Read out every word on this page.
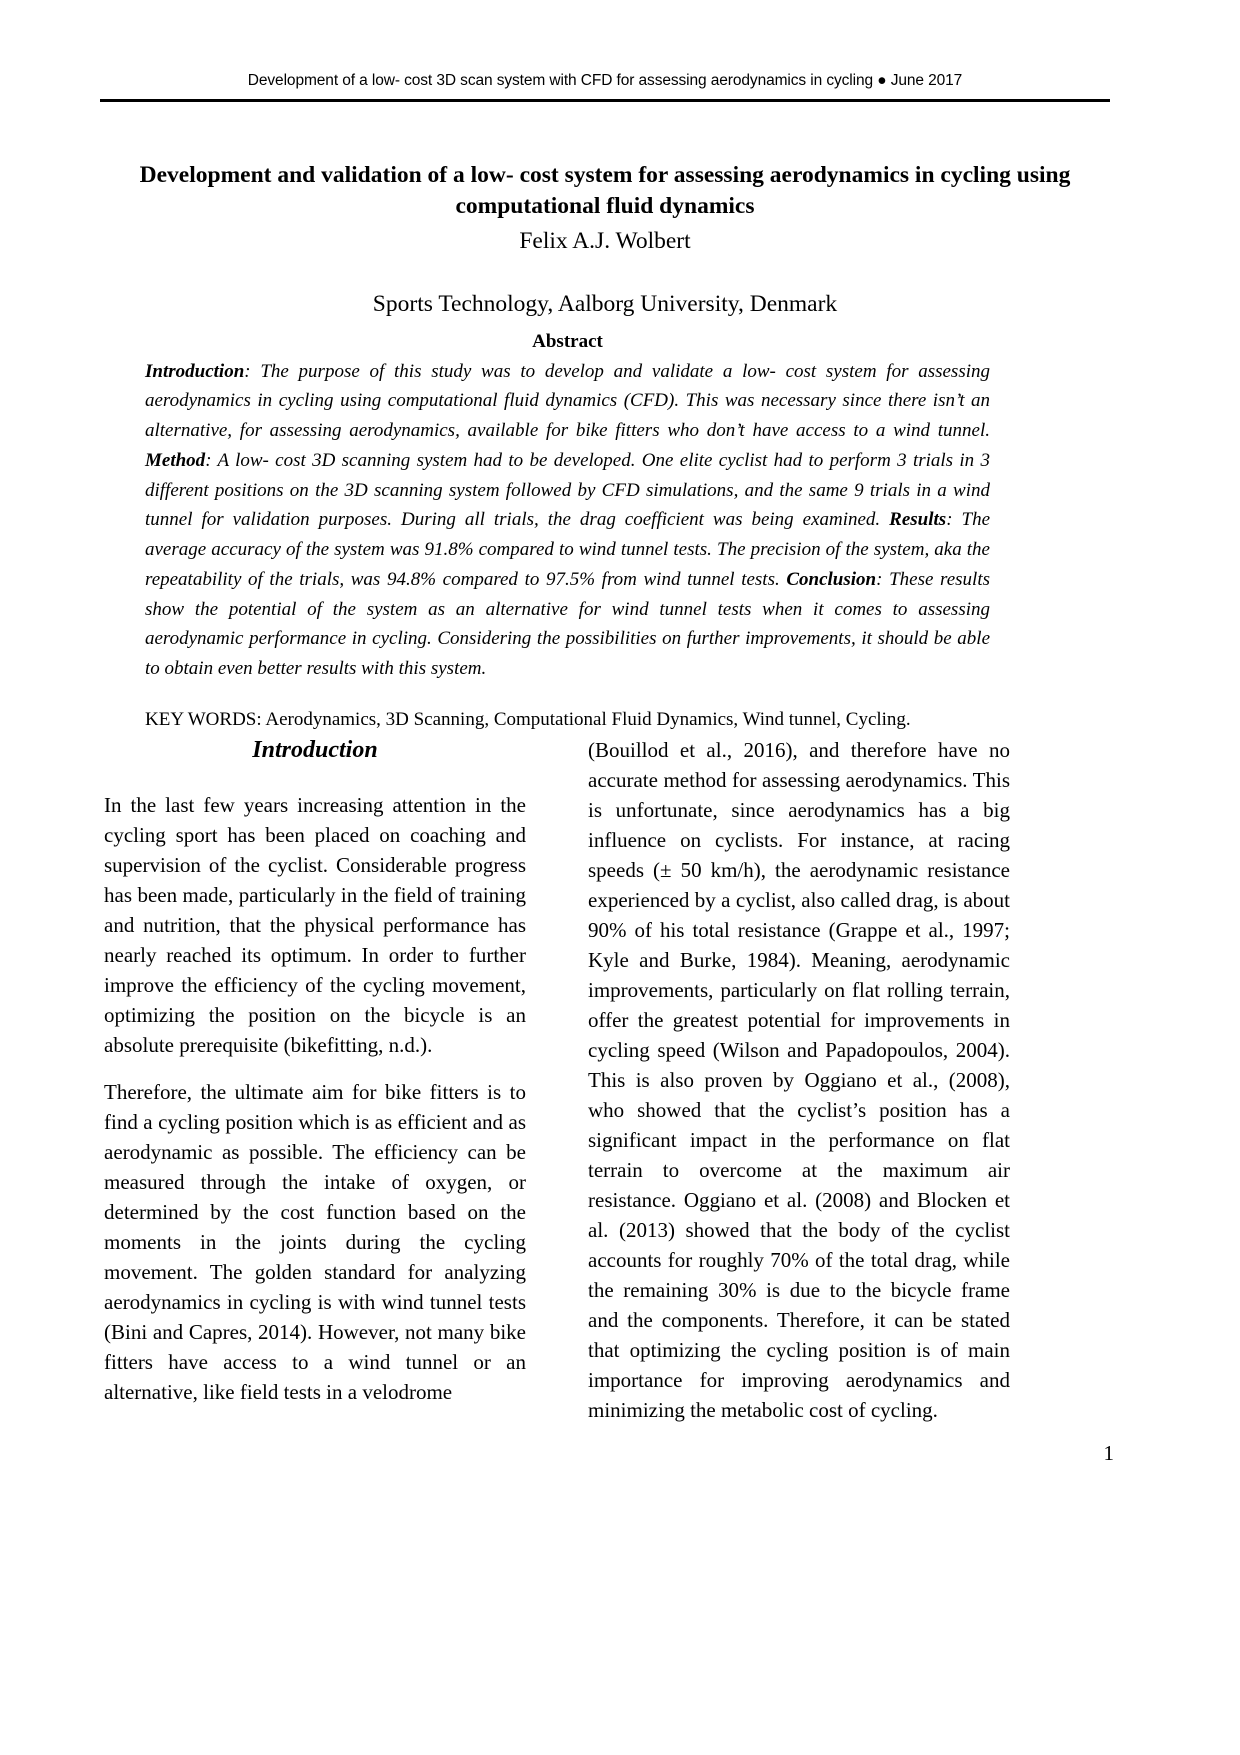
Development of a low- cost 3D scan system with CFD for assessing aerodynamics in cycling ● June 2017
Development and validation of a low- cost system for assessing aerodynamics in cycling using computational fluid dynamics
Felix A.J. Wolbert
Sports Technology, Aalborg University, Denmark
Abstract

Introduction: The purpose of this study was to develop and validate a low- cost system for assessing aerodynamics in cycling using computational fluid dynamics (CFD). This was necessary since there isn’t an alternative, for assessing aerodynamics, available for bike fitters who don’t have access to a wind tunnel. Method: A low- cost 3D scanning system had to be developed. One elite cyclist had to perform 3 trials in 3 different positions on the 3D scanning system followed by CFD simulations, and the same 9 trials in a wind tunnel for validation purposes. During all trials, the drag coefficient was being examined. Results: The average accuracy of the system was 91.8% compared to wind tunnel tests. The precision of the system, aka the repeatability of the trials, was 94.8% compared to 97.5% from wind tunnel tests. Conclusion: These results show the potential of the system as an alternative for wind tunnel tests when it comes to assessing aerodynamic performance in cycling. Considering the possibilities on further improvements, it should be able to obtain even better results with this system.

KEY WORDS: Aerodynamics, 3D Scanning, Computational Fluid Dynamics, Wind tunnel, Cycling.

Introduction

In the last few years increasing attention in the cycling sport has been placed on coaching and supervision of the cyclist. Considerable progress has been made, particularly in the field of training and nutrition, that the physical performance has nearly reached its optimum. In order to further improve the efficiency of the cycling movement, optimizing the position on the bicycle is an absolute prerequisite (bikefitting, n.d.).

Therefore, the ultimate aim for bike fitters is to find a cycling position which is as efficient and as aerodynamic as possible. The efficiency can be measured through the intake of oxygen, or determined by the cost function based on the moments in the joints during the cycling movement. The golden standard for analyzing aerodynamics in cycling is with wind tunnel tests (Bini and Capres, 2014). However, not many bike fitters have access to a wind tunnel or an alternative, like field tests in a velodrome

(Bouillod et al., 2016), and therefore have no accurate method for assessing aerodynamics. This is unfortunate, since aerodynamics has a big influence on cyclists. For instance, at racing speeds (± 50 km/h), the aerodynamic resistance experienced by a cyclist, also called drag, is about 90% of his total resistance (Grappe et al., 1997; Kyle and Burke, 1984). Meaning, aerodynamic improvements, particularly on flat rolling terrain, offer the greatest potential for improvements in cycling speed (Wilson and Papadopoulos, 2004). This is also proven by Oggiano et al., (2008), who showed that the cyclist’s position has a significant impact in the performance on flat terrain to overcome at the maximum air resistance. Oggiano et al. (2008) and Blocken et al. (2013) showed that the body of the cyclist accounts for roughly 70% of the total drag, while the remaining 30% is due to the bicycle frame and the components. Therefore, it can be stated that optimizing the cycling position is of main importance for improving aerodynamics and minimizing the metabolic cost of cycling.

1
